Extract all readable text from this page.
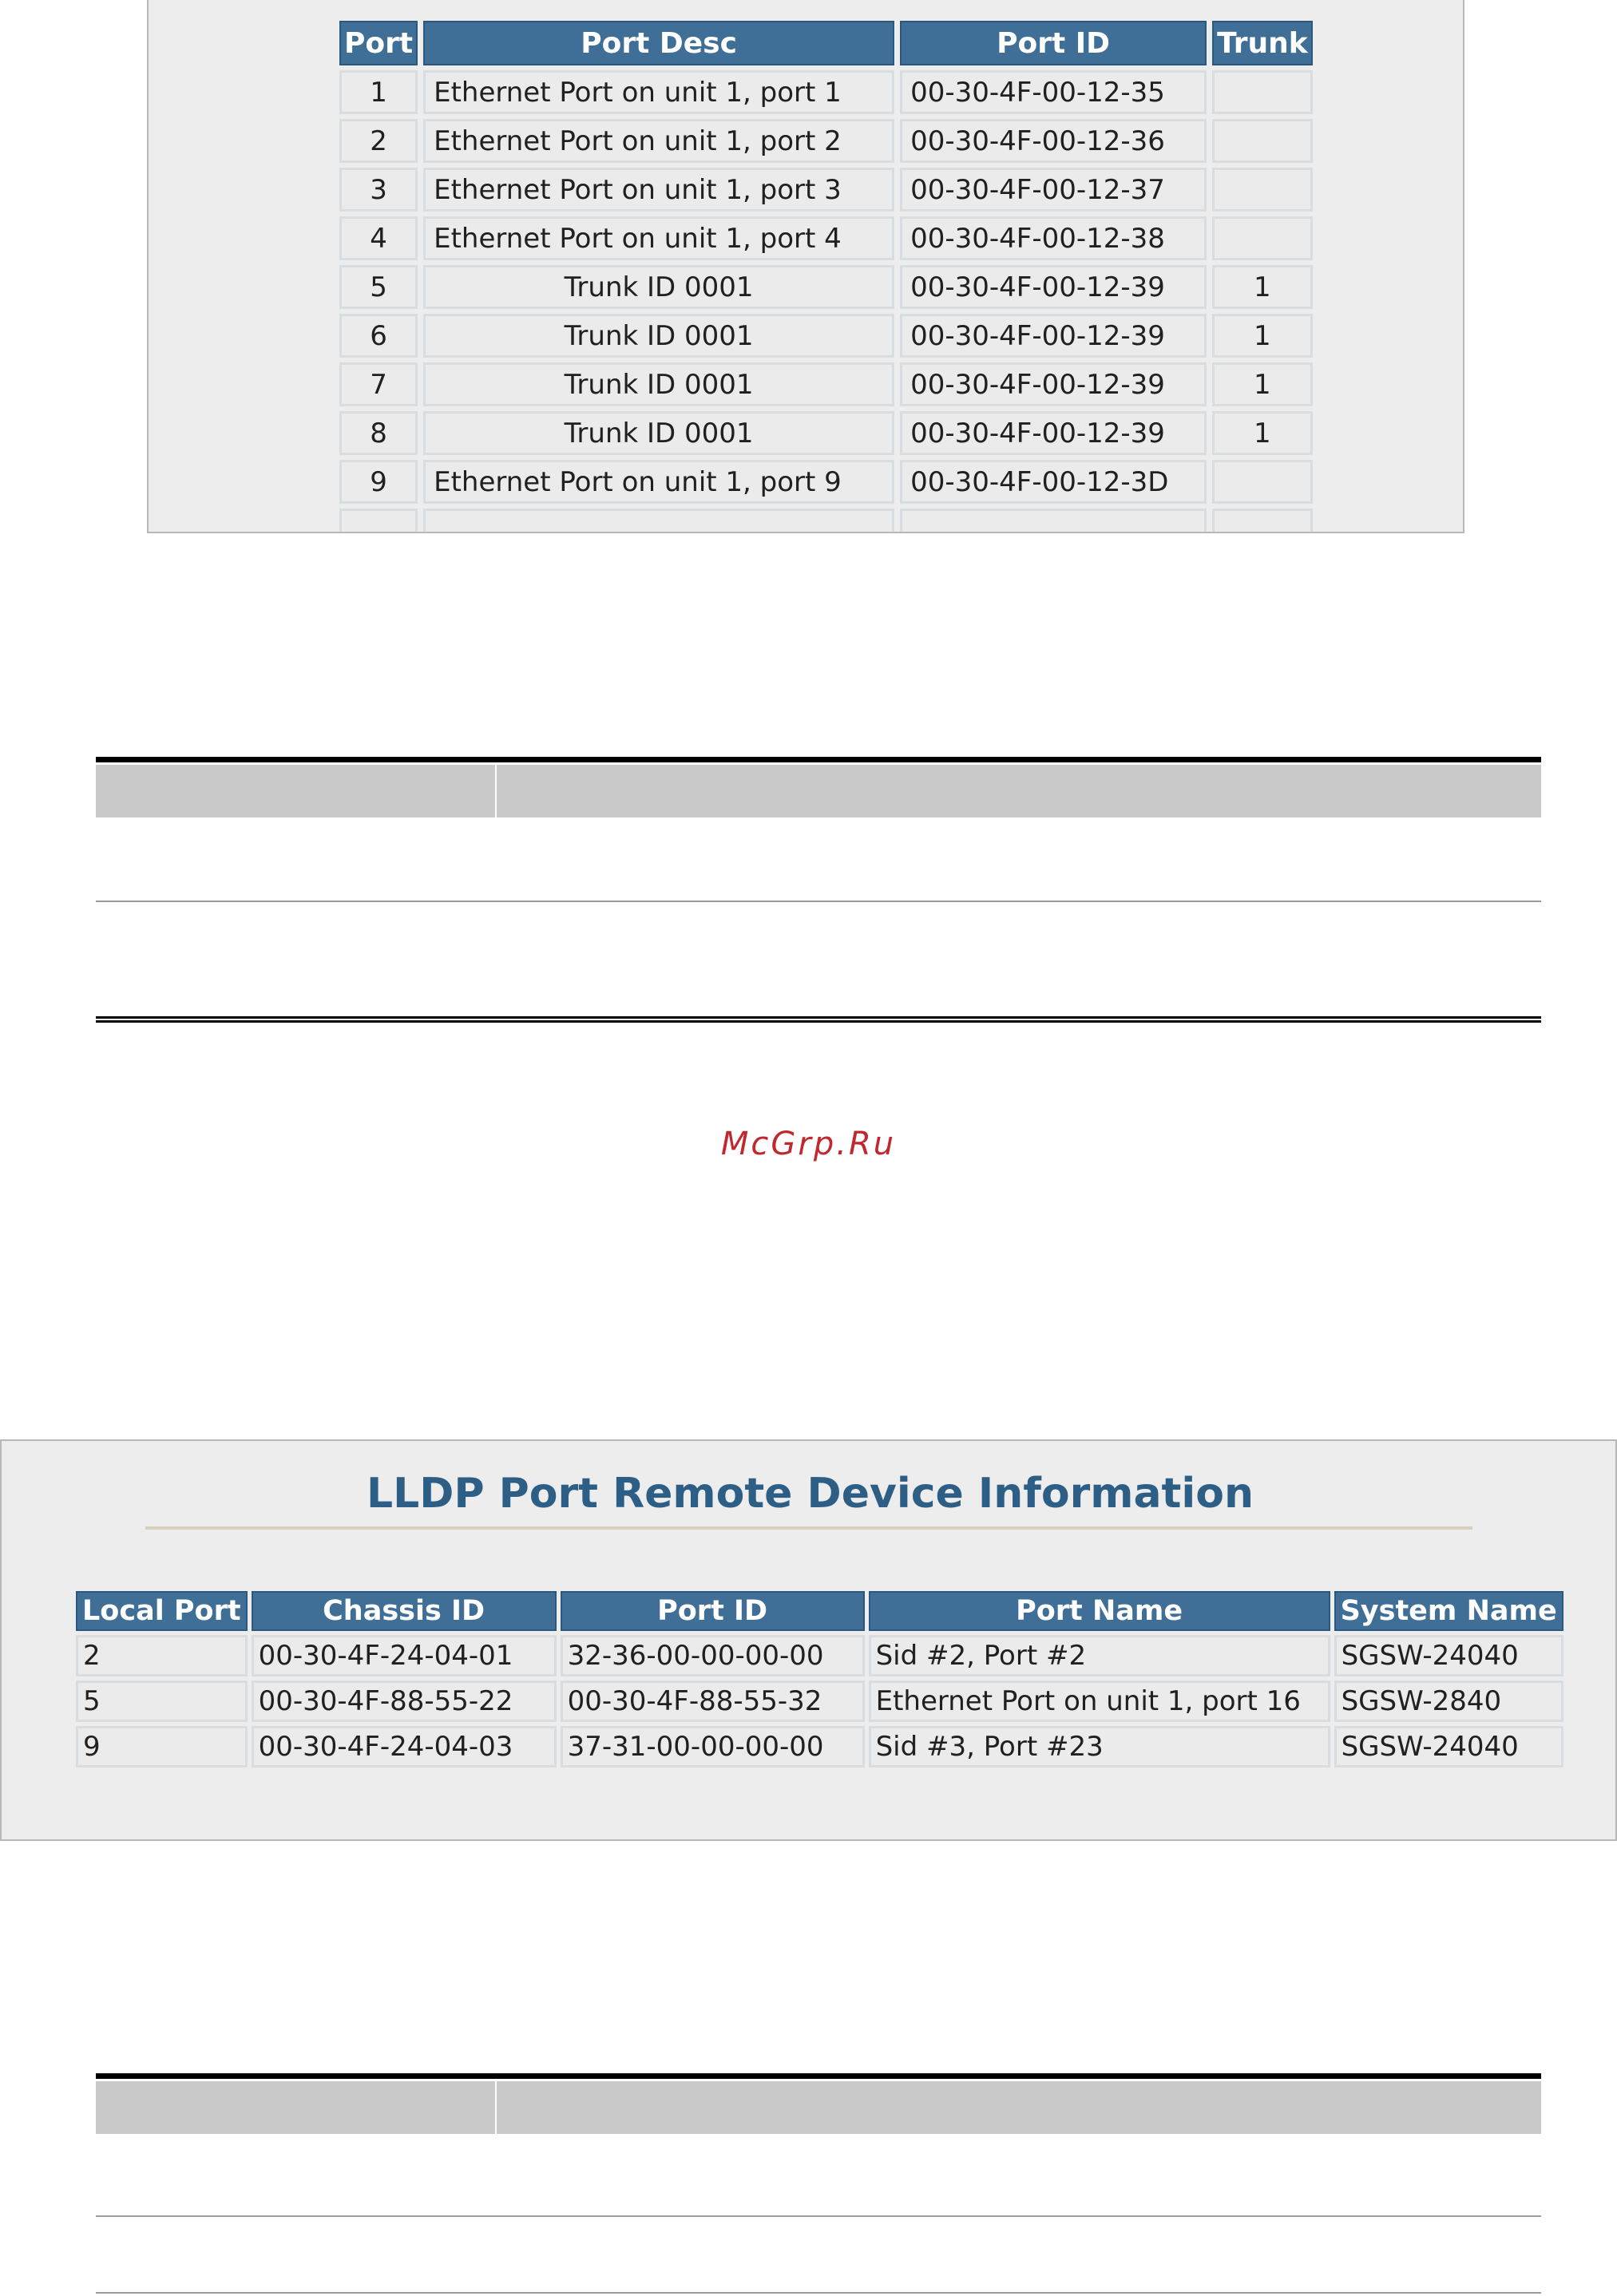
Port	Port Desc	Port ID	Trunk
1	Ethernet Port on unit 1, port 1	00-30-4F-00-12-35	
2	Ethernet Port on unit 1, port 2	00-30-4F-00-12-36	
3	Ethernet Port on unit 1, port 3	00-30-4F-00-12-37	
4	Ethernet Port on unit 1, port 4	00-30-4F-00-12-38	
5	Trunk ID 0001	00-30-4F-00-12-39	1
6	Trunk ID 0001	00-30-4F-00-12-39	1
7	Trunk ID 0001	00-30-4F-00-12-39	1
8	Trunk ID 0001	00-30-4F-00-12-39	1
9	Ethernet Port on unit 1, port 9	00-30-4F-00-12-3D	

McGrp.Ru
LLDP Port Remote Device Information
Local Port	Chassis ID	Port ID	Port Name	System Name
2	00-30-4F-24-04-01	32-36-00-00-00-00	Sid #2, Port #2	SGSW-24040
5	00-30-4F-88-55-22	00-30-4F-88-55-32	Ethernet Port on unit 1, port 16	SGSW-2840
9	00-30-4F-24-04-03	37-31-00-00-00-00	Sid #3, Port #23	SGSW-24040
